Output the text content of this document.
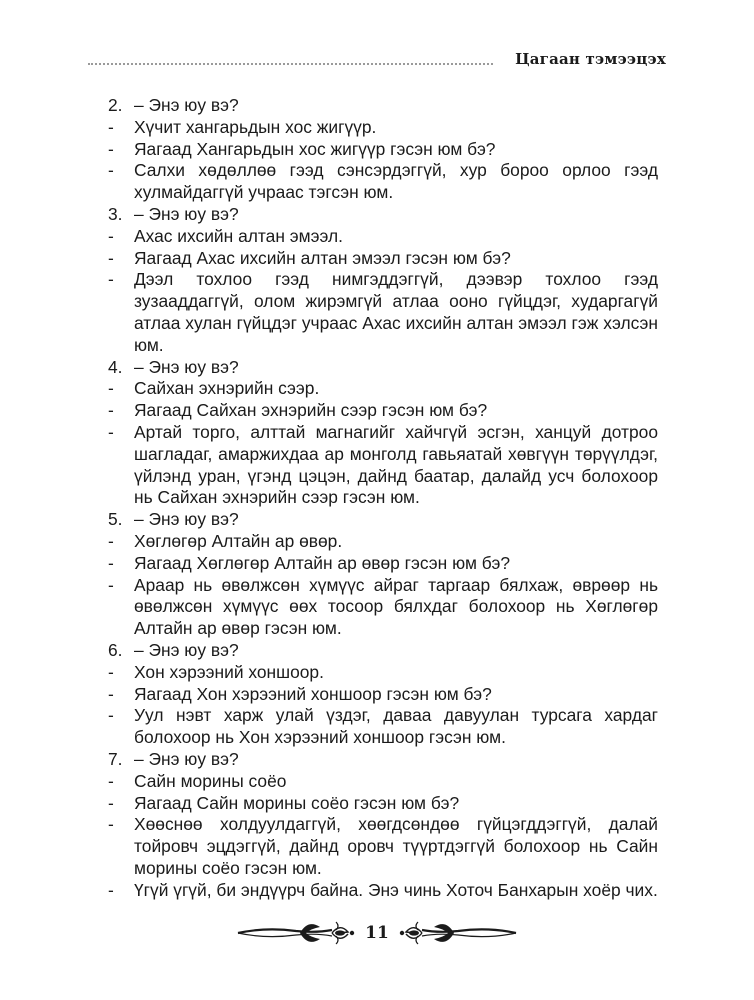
Цагаан тэмээцэх
2. – Энэ юу вэ?
- Хүчит хангарьдын хос жигүүр.
- Яагаад Хангарьдын хос жигүүр гэсэн юм бэ?
- Салхи хөдөллөө гээд сэнсэрдэггүй, хур бороо орлоо гээд хулмайдаггүй учраас тэгсэн юм.
3. – Энэ юу вэ?
- Ахас ихсийн алтан эмээл.
- Яагаад Ахас ихсийн алтан эмээл гэсэн юм бэ?
- Дээл тохлоо гээд нимгэддэггүй, дээвэр тохлоо гээд зузааддаггүй, олом жирэмгүй атлаа ооно гүйцдэг, хударгагүй атлаа хулан гүйцдэг учраас Ахас ихсийн алтан эмээл гэж хэлсэн юм.
4. – Энэ юу вэ?
- Сайхан эхнэрийн сээр.
- Яагаад Сайхан эхнэрийн сээр гэсэн юм бэ?
- Артай торго, алттай магнагийг хайчгүй эсгэн, ханцуй дотроо шагладаг, амаржихдаа ар монголд гавьяатай хөвгүүн төрүүлдэг, үйлэнд уран, үгэнд цэцэн, дайнд баатар, далайд усч болохоор нь Сайхан эхнэрийн сээр гэсэн юм.
5. – Энэ юу вэ?
- Хөглөгөр Алтайн ар өвөр.
- Яагаад Хөглөгөр Алтайн ар өвөр гэсэн юм бэ?
- Араар нь өвөлжсөн хүмүүс айраг таргаар бялхаж, өврөөр нь өвөлжсөн хүмүүс өөх тосоор бялхдаг болохоор нь Хөглөгөр Алтайн ар өвөр гэсэн юм.
6. – Энэ юу вэ?
- Хон хэрээний хоншоор.
- Яагаад Хон хэрээний хоншоор гэсэн юм бэ?
- Уул нэвт харж улай үздэг, даваа давуулан турсага хардаг болохоор нь Хон хэрээний хоншоор гэсэн юм.
7. – Энэ юу вэ?
- Сайн морины соёо
- Яагаад Сайн морины соёо гэсэн юм бэ?
- Хөөснөө холдуулдаггүй, хөөгдсөндөө гүйцэгддэггүй, далай тойровч эцдэггүй, дайнд оровч түүртдэггүй болохоор нь Сайн морины соёо гэсэн юм.
- Үгүй үгүй, би эндүүрч байна. Энэ чинь Хоточ Банхарын хоёр чих.
11
